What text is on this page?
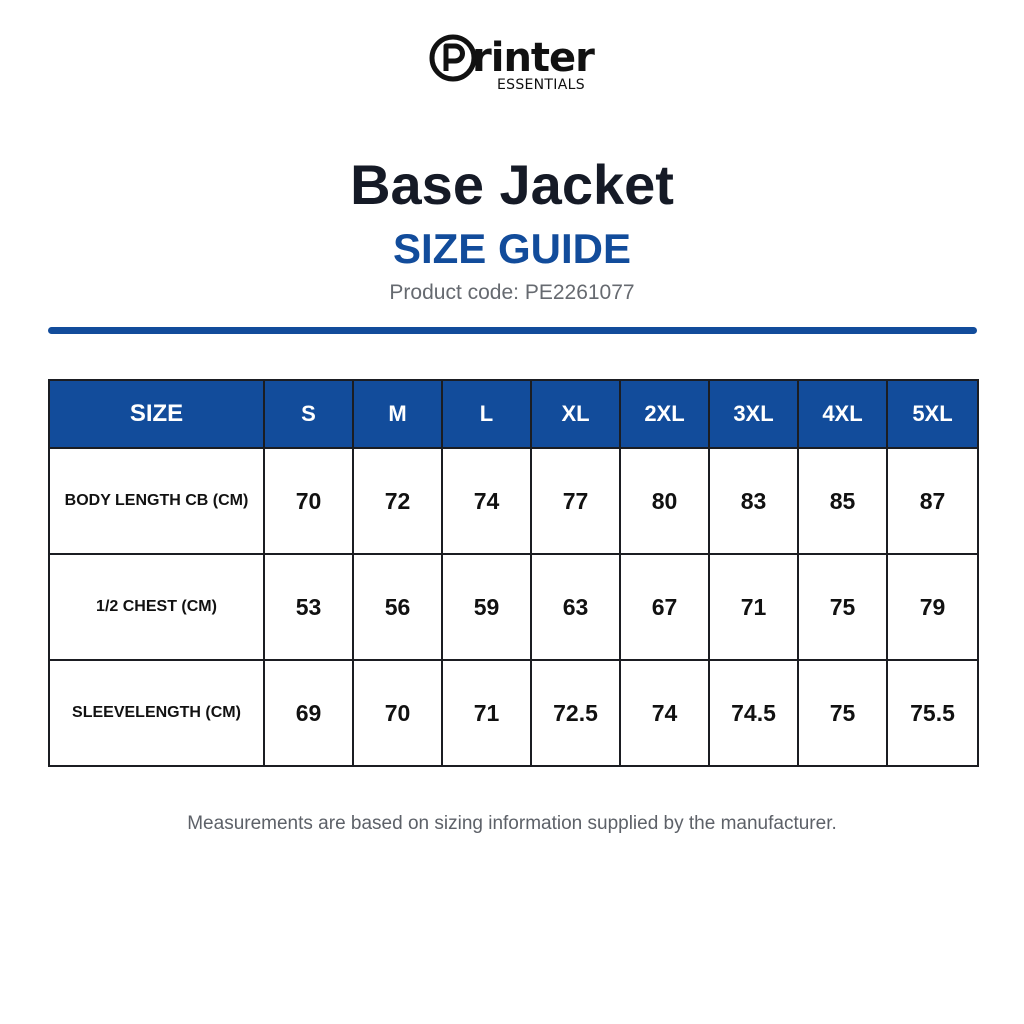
rinter
ESSENTIALS
Base Jacket
SIZE GUIDE
Product code: PE2261077
SIZE	S	M	L	XL	2XL	3XL	4XL	5XL
BODY LENGTH CB (CM)	70	72	74	77	80	83	85	87
1/2 CHEST (CM)	53	56	59	63	67	71	75	79
SLEEVELENGTH (CM)	69	70	71	72.5	74	74.5	75	75.5
Measurements are based on sizing information supplied by the manufacturer.
